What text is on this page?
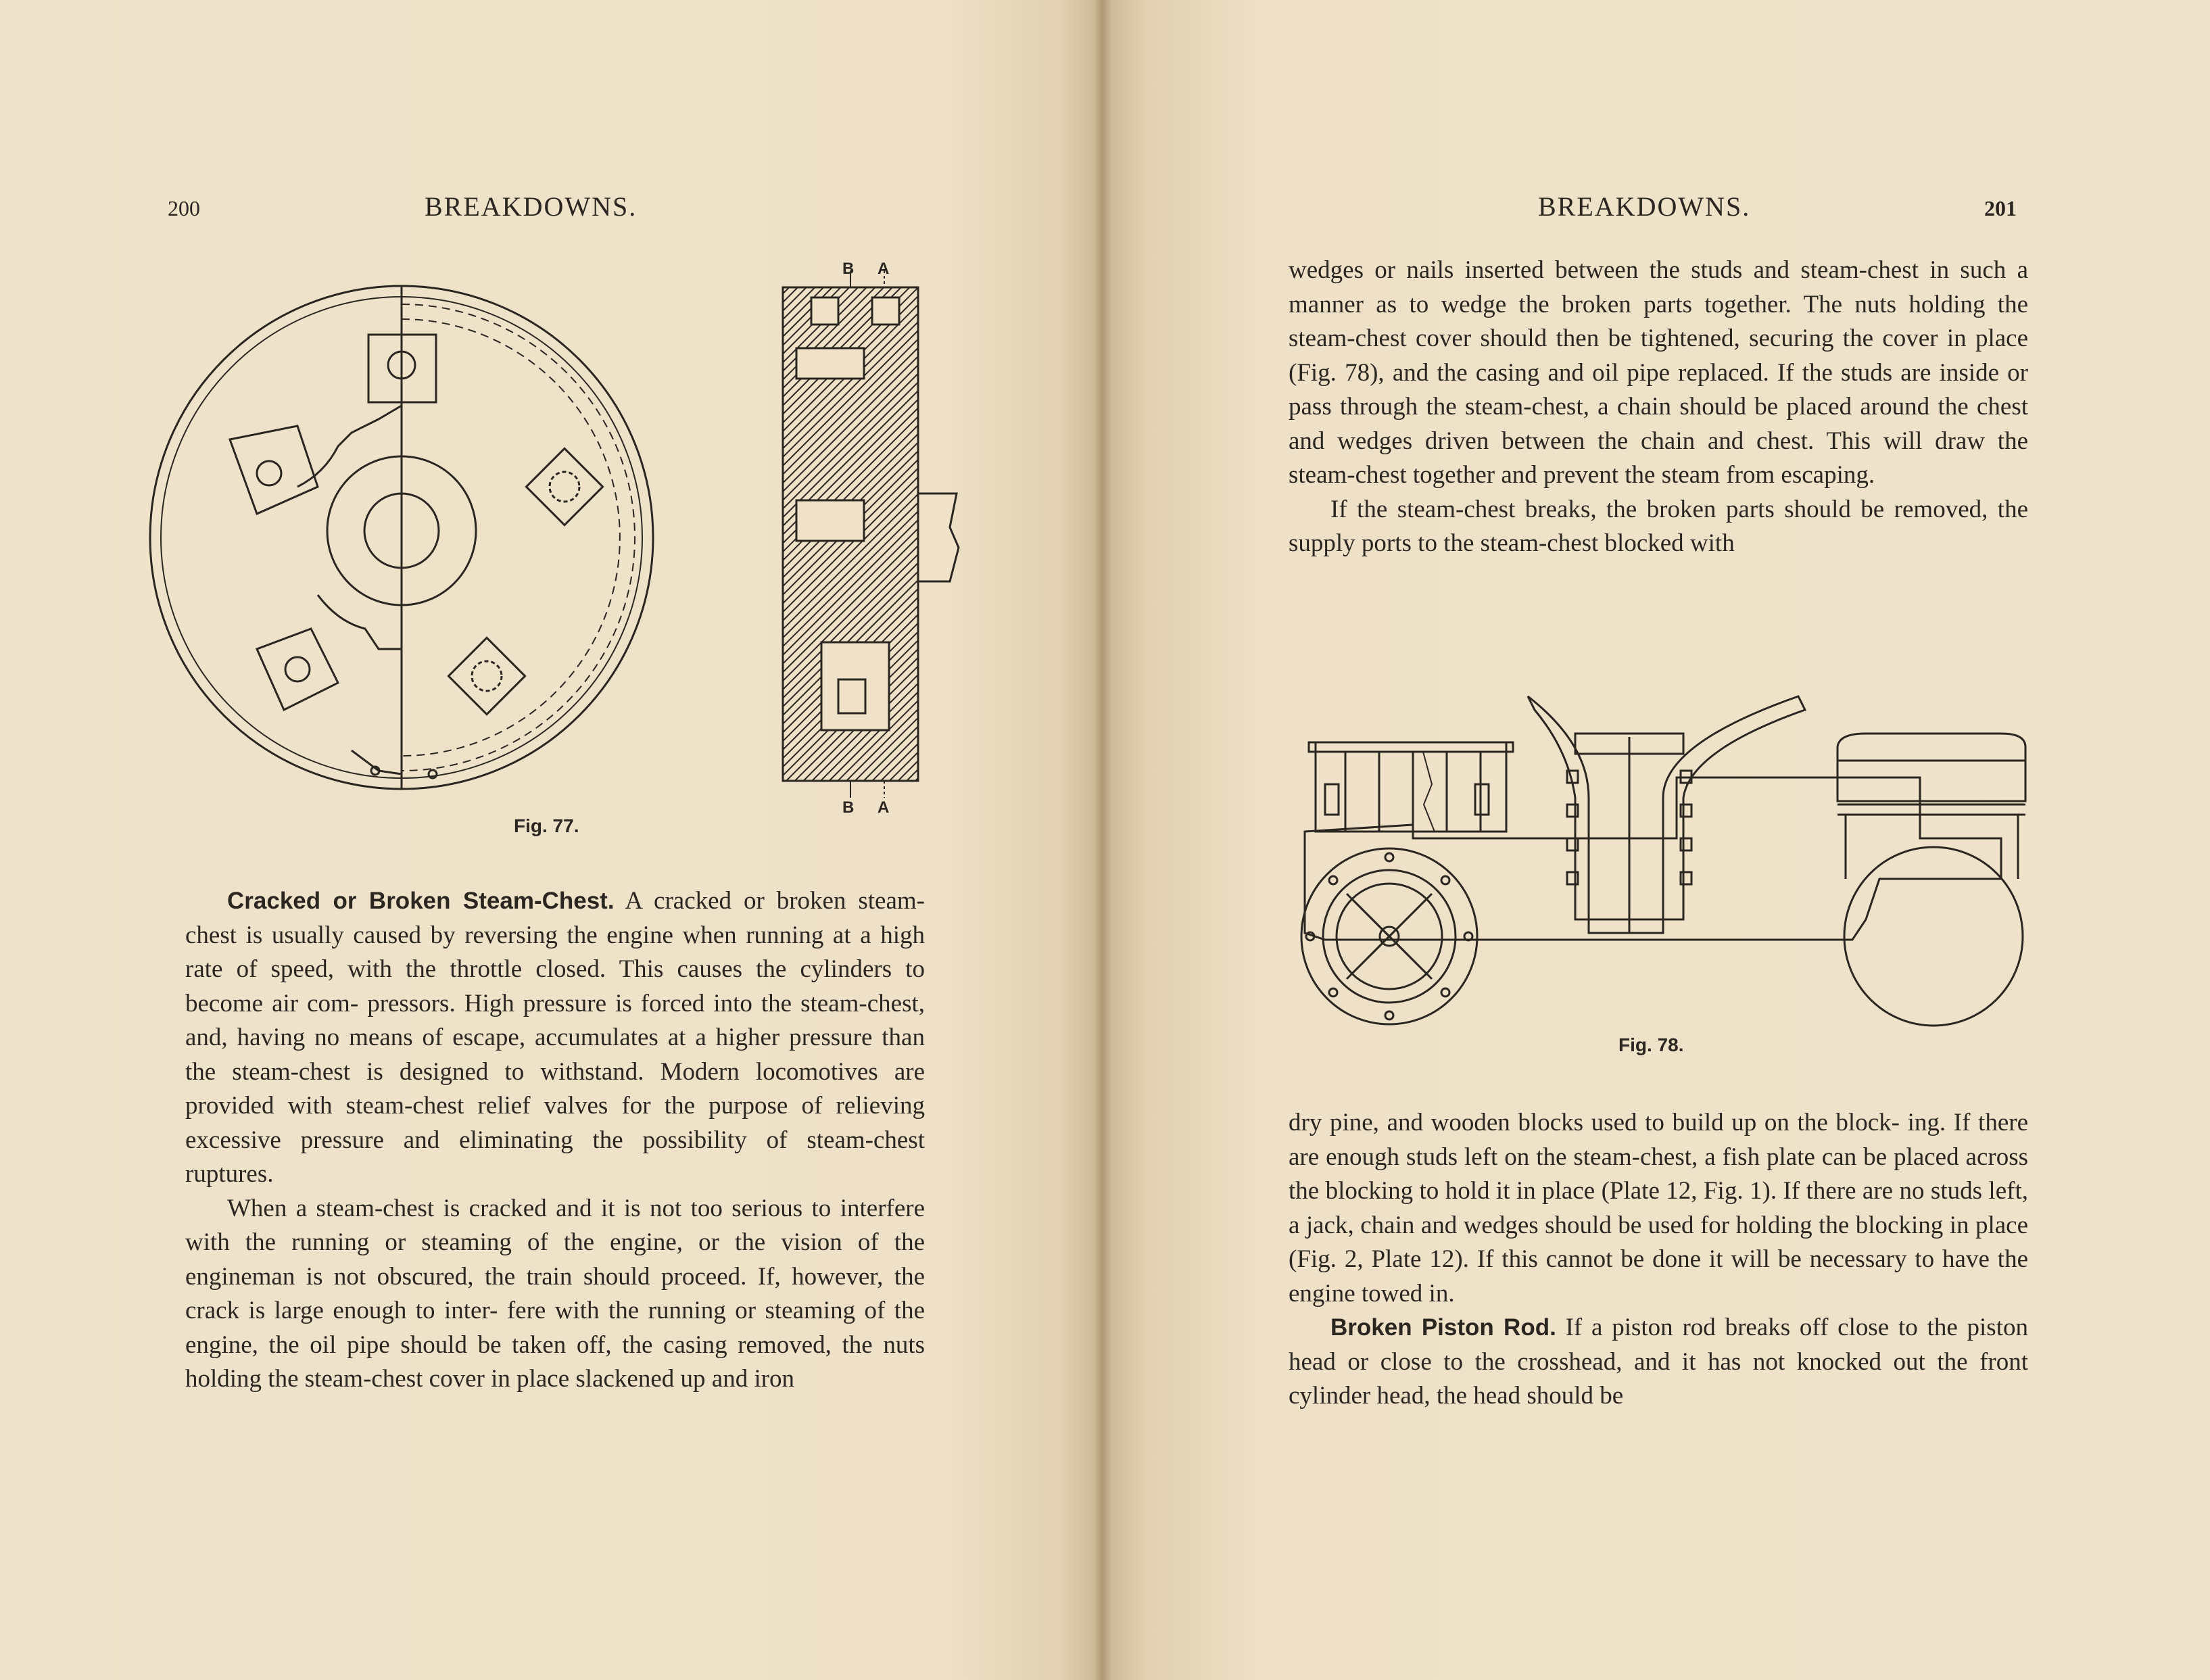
200	BREAKDOWNS.
B A
B A
Fig. 77.

Cracked or Broken Steam-Chest. A cracked or broken steam-chest is usually caused by reversing the engine when running at a high rate of speed, with the throttle closed. This causes the cylinders to become air com- pressors. High pressure is forced into the steam-chest, and, having no means of escape, accumulates at a higher pressure than the steam-chest is designed to withstand. Modern locomotives are provided with steam-chest relief valves for the purpose of relieving excessive pressure and eliminating the possibility of steam-chest ruptures.

When a steam-chest is cracked and it is not too serious to interfere with the running or steaming of the engine, or the vision of the engineman is not obscured, the train should proceed. If, however, the crack is large enough to inter- fere with the running or steaming of the engine, the oil pipe should be taken off, the casing removed, the nuts holding the steam-chest cover in place slackened up and iron

BREAKDOWNS.	201

wedges or nails inserted between the studs and steam-chest in such a manner as to wedge the broken parts together. The nuts holding the steam-chest cover should then be tightened, securing the cover in place (Fig. 78), and the casing and oil pipe replaced. If the studs are inside or pass through the steam-chest, a chain should be placed around the chest and wedges driven between the chain and chest. This will draw the steam-chest together and prevent the steam from escaping.

If the steam-chest breaks, the broken parts should be removed, the supply ports to the steam-chest blocked with

Fig. 78.

dry pine, and wooden blocks used to build up on the block- ing. If there are enough studs left on the steam-chest, a fish plate can be placed across the blocking to hold it in place (Plate 12, Fig. 1). If there are no studs left, a jack, chain and wedges should be used for holding the blocking in place (Fig. 2, Plate 12). If this cannot be done it will be necessary to have the engine towed in.

Broken Piston Rod. If a piston rod breaks off close to the piston head or close to the crosshead, and it has not knocked out the front cylinder head, the head should be
